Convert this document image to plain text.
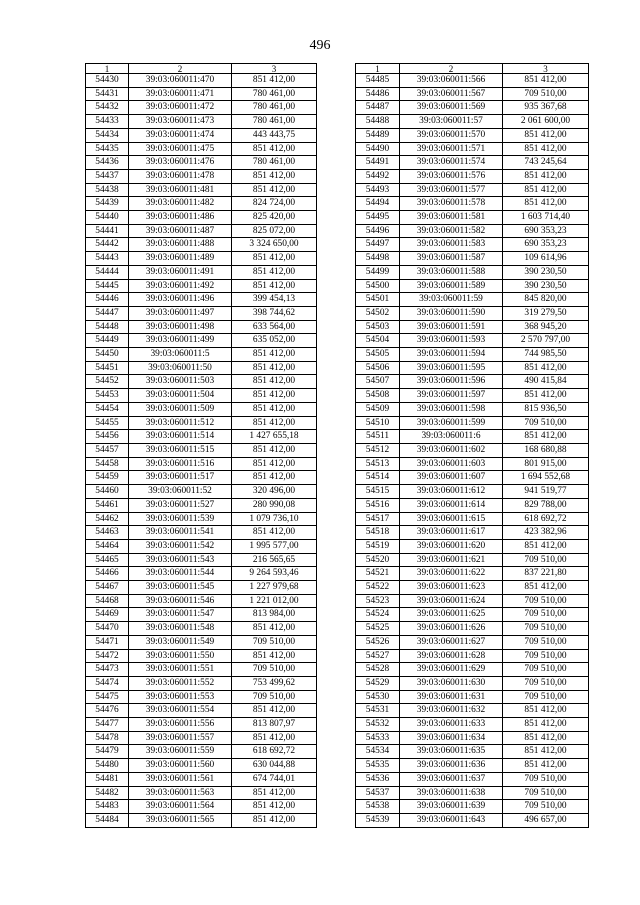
496
1	2	3
54430	39:03:060011:470	851 412,00
54431	39:03:060011:471	780 461,00
54432	39:03:060011:472	780 461,00
54433	39:03:060011:473	780 461,00
54434	39:03:060011:474	443 443,75
54435	39:03:060011:475	851 412,00
54436	39:03:060011:476	780 461,00
54437	39:03:060011:478	851 412,00
54438	39:03:060011:481	851 412,00
54439	39:03:060011:482	824 724,00
54440	39:03:060011:486	825 420,00
54441	39:03:060011:487	825 072,00
54442	39:03:060011:488	3 324 650,00
54443	39:03:060011:489	851 412,00
54444	39:03:060011:491	851 412,00
54445	39:03:060011:492	851 412,00
54446	39:03:060011:496	399 454,13
54447	39:03:060011:497	398 744,62
54448	39:03:060011:498	633 564,00
54449	39:03:060011:499	635 052,00
54450	39:03:060011:5	851 412,00
54451	39:03:060011:50	851 412,00
54452	39:03:060011:503	851 412,00
54453	39:03:060011:504	851 412,00
54454	39:03:060011:509	851 412,00
54455	39:03:060011:512	851 412,00
54456	39:03:060011:514	1 427 655,18
54457	39:03:060011:515	851 412,00
54458	39:03:060011:516	851 412,00
54459	39:03:060011:517	851 412,00
54460	39:03:060011:52	320 496,00
54461	39:03:060011:527	280 990,08
54462	39:03:060011:539	1 079 736,10
54463	39:03:060011:541	851 412,00
54464	39:03:060011:542	1 995 577,00
54465	39:03:060011:543	216 565,65
54466	39:03:060011:544	9 264 593,46
54467	39:03:060011:545	1 227 979,68
54468	39:03:060011:546	1 221 012,00
54469	39:03:060011:547	813 984,00
54470	39:03:060011:548	851 412,00
54471	39:03:060011:549	709 510,00
54472	39:03:060011:550	851 412,00
54473	39:03:060011:551	709 510,00
54474	39:03:060011:552	753 499,62
54475	39:03:060011:553	709 510,00
54476	39:03:060011:554	851 412,00
54477	39:03:060011:556	813 807,97
54478	39:03:060011:557	851 412,00
54479	39:03:060011:559	618 692,72
54480	39:03:060011:560	630 044,88
54481	39:03:060011:561	674 744,01
54482	39:03:060011:563	851 412,00
54483	39:03:060011:564	851 412,00
54484	39:03:060011:565	851 412,00
1	2	3
54485	39:03:060011:566	851 412,00
54486	39:03:060011:567	709 510,00
54487	39:03:060011:569	935 367,68
54488	39:03:060011:57	2 061 600,00
54489	39:03:060011:570	851 412,00
54490	39:03:060011:571	851 412,00
54491	39:03:060011:574	743 245,64
54492	39:03:060011:576	851 412,00
54493	39:03:060011:577	851 412,00
54494	39:03:060011:578	851 412,00
54495	39:03:060011:581	1 603 714,40
54496	39:03:060011:582	690 353,23
54497	39:03:060011:583	690 353,23
54498	39:03:060011:587	109 614,96
54499	39:03:060011:588	390 230,50
54500	39:03:060011:589	390 230,50
54501	39:03:060011:59	845 820,00
54502	39:03:060011:590	319 279,50
54503	39:03:060011:591	368 945,20
54504	39:03:060011:593	2 570 797,00
54505	39:03:060011:594	744 985,50
54506	39:03:060011:595	851 412,00
54507	39:03:060011:596	490 415,84
54508	39:03:060011:597	851 412,00
54509	39:03:060011:598	815 936,50
54510	39:03:060011:599	709 510,00
54511	39:03:060011:6	851 412,00
54512	39:03:060011:602	168 680,88
54513	39:03:060011:603	801 915,00
54514	39:03:060011:607	1 694 552,68
54515	39:03:060011:612	941 519,77
54516	39:03:060011:614	829 788,00
54517	39:03:060011:615	618 692,72
54518	39:03:060011:617	423 382,96
54519	39:03:060011:620	851 412,00
54520	39:03:060011:621	709 510,00
54521	39:03:060011:622	837 221,80
54522	39:03:060011:623	851 412,00
54523	39:03:060011:624	709 510,00
54524	39:03:060011:625	709 510,00
54525	39:03:060011:626	709 510,00
54526	39:03:060011:627	709 510,00
54527	39:03:060011:628	709 510,00
54528	39:03:060011:629	709 510,00
54529	39:03:060011:630	709 510,00
54530	39:03:060011:631	709 510,00
54531	39:03:060011:632	851 412,00
54532	39:03:060011:633	851 412,00
54533	39:03:060011:634	851 412,00
54534	39:03:060011:635	851 412,00
54535	39:03:060011:636	851 412,00
54536	39:03:060011:637	709 510,00
54537	39:03:060011:638	709 510,00
54538	39:03:060011:639	709 510,00
54539	39:03:060011:643	496 657,00
